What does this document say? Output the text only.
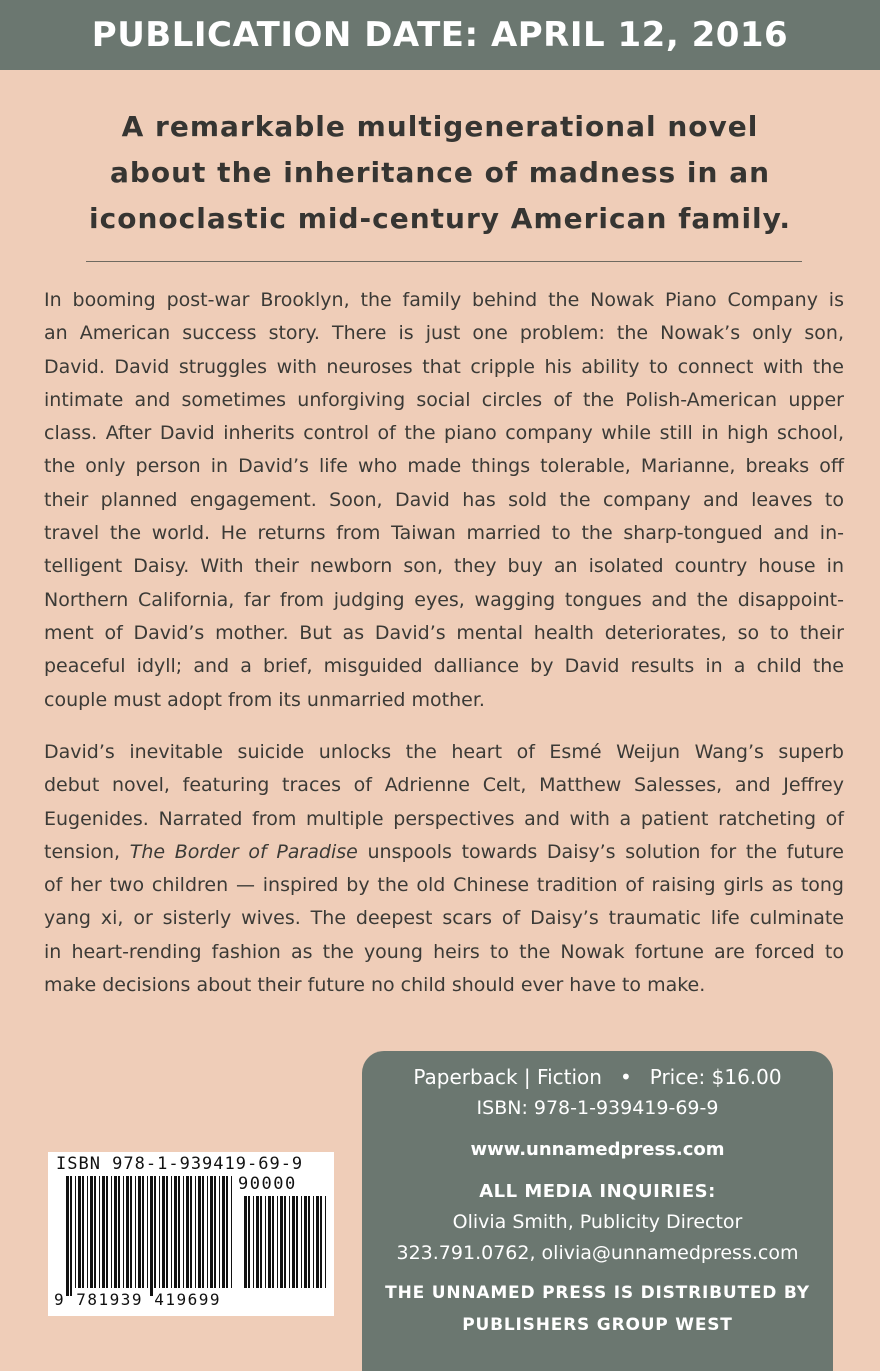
PUBLICATION DATE: APRIL 12, 2016
A remarkable multigenerational novel
about the inheritance of madness in an
iconoclastic mid-century American family.
In booming post-war Brooklyn, the family behind the Nowak Piano Company is
an American success story. There is just one problem: the Nowak’s only son,
David. David struggles with neuroses that cripple his ability to connect with the
intimate and sometimes unforgiving social circles of the Polish-American upper
class. After David inherits control of the piano company while still in high school,
the only person in David’s life who made things tolerable, Marianne, breaks off
their planned engagement. Soon, David has sold the company and leaves to
travel the world. He returns from Taiwan married to the sharp-tongued and in-
telligent Daisy. With their newborn son, they buy an isolated country house in
Northern California, far from judging eyes, wagging tongues and the disappoint-
ment of David’s mother. But as David’s mental health deteriorates, so to their
peaceful idyll; and a brief, misguided dalliance by David results in a child the
couple must adopt from its unmarried mother.
David’s inevitable suicide unlocks the heart of Esmé Weijun Wang’s superb
debut novel, featuring traces of Adrienne Celt, Matthew Salesses, and Jeffrey
Eugenides. Narrated from multiple perspectives and with a patient ratcheting of
tension, The Border of Paradise unspools towards Daisy’s solution for the future
of her two children — inspired by the old Chinese tradition of raising girls as tong
yang xi, or sisterly wives. The deepest scars of Daisy’s traumatic life culminate
in heart-rending fashion as the young heirs to the Nowak fortune are forced to
make decisions about their future no child should ever have to make.
ISBN 978-1-939419-69-9
90000
9 781939 419699
Paperback | Fiction • Price: $16.00
ISBN: 978-1-939419-69-9
www.unnamedpress.com
ALL MEDIA INQUIRIES:
Olivia Smith, Publicity Director
323.791.0762, olivia@unnamedpress.com
THE UNNAMED PRESS IS DISTRIBUTED BY
PUBLISHERS GROUP WEST
